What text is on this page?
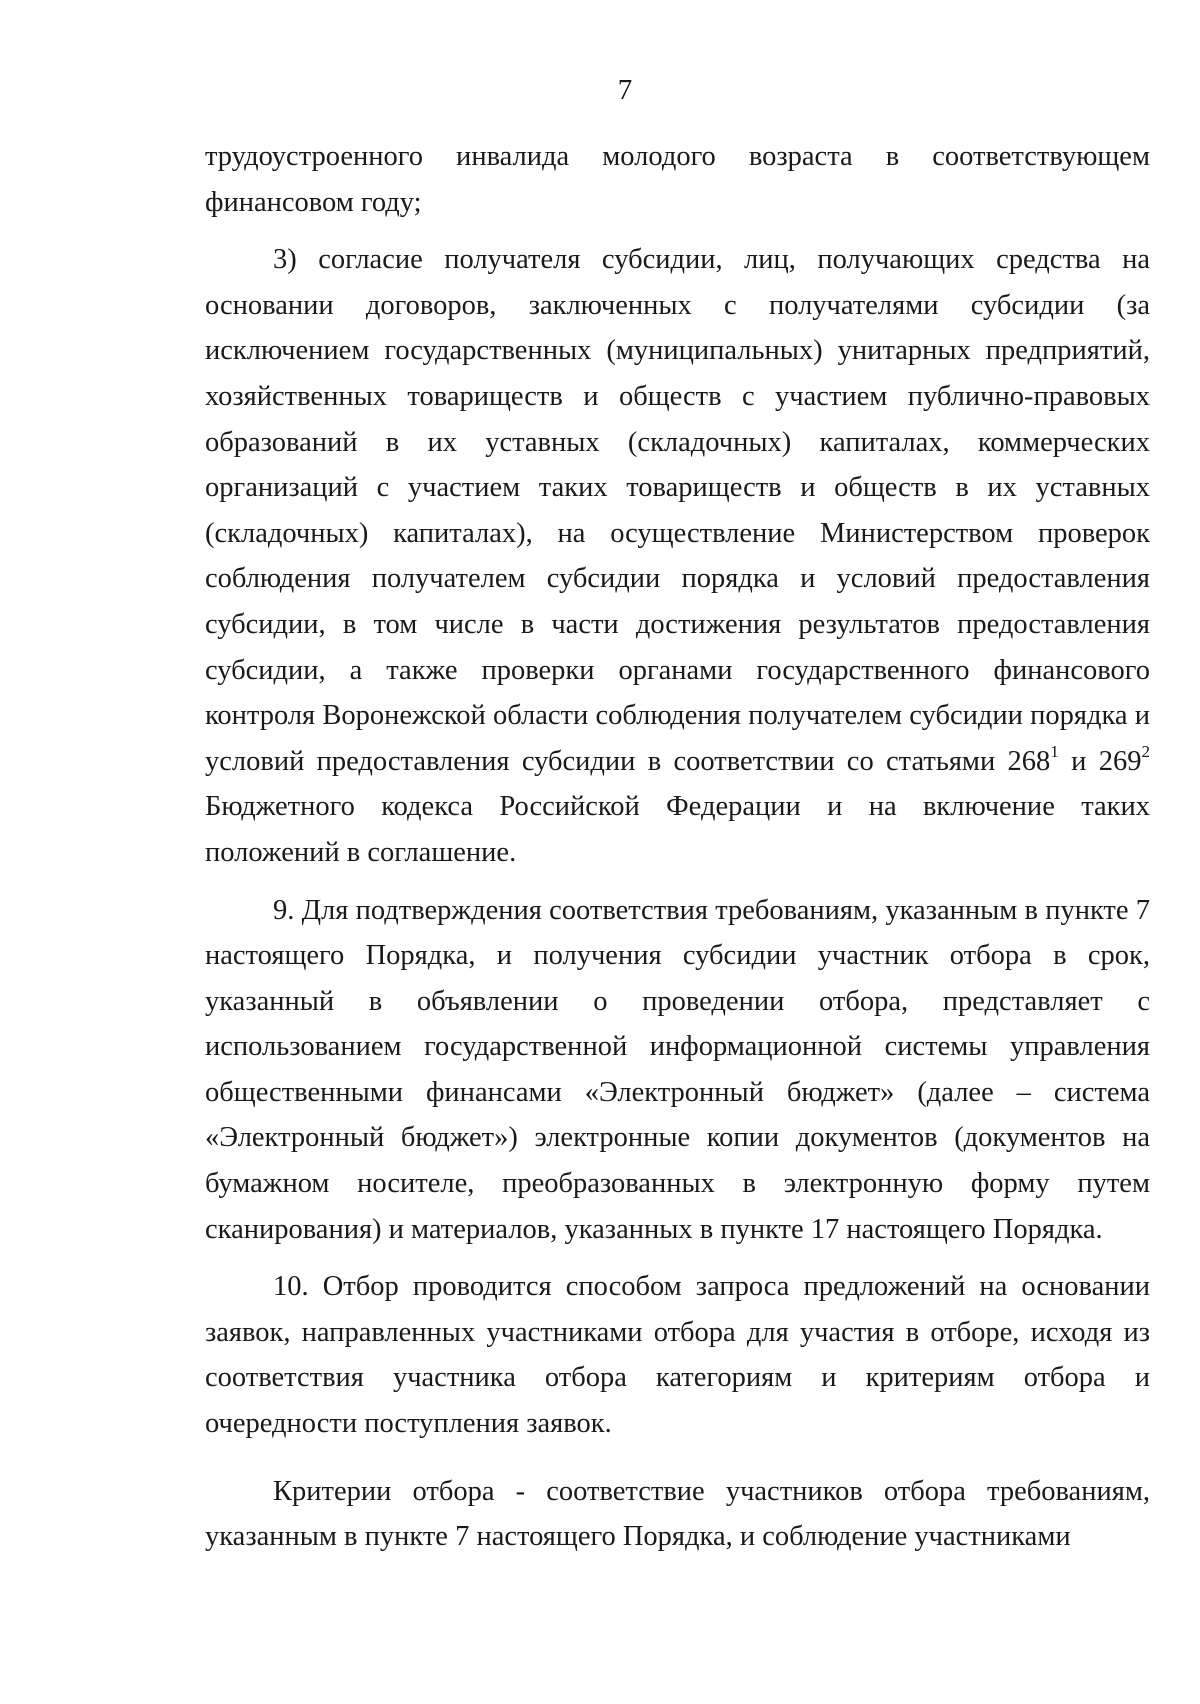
7

трудоустроенного инвалида молодого возраста в соответствующем финансовом году;

3) согласие получателя субсидии, лиц, получающих средства на основании договоров, заключенных с получателями субсидии (за исключением государственных (муниципальных) унитарных предприятий, хозяйственных товариществ и обществ с участием публично-правовых образований в их уставных (складочных) капиталах, коммерческих организаций с участием таких товариществ и обществ в их уставных (складочных) капиталах), на осуществление Министерством проверок соблюдения получателем субсидии порядка и условий предоставления субсидии, в том числе в части достижения результатов предоставления субсидии, а также проверки органами государственного финансового контроля Воронежской области соблюдения получателем субсидии порядка и условий предоставления субсидии в соответствии со статьями $268^1$ и $269^2$ Бюджетного кодекса Российской Федерации и на включение таких положений в соглашение.

9. Для подтверждения соответствия требованиям, указанным в пункте 7 настоящего Порядка, и получения субсидии участник отбора в срок, указанный в объявлении о проведении отбора, представляет с использованием государственной информационной системы управления общественными финансами «Электронный бюджет» (далее – система «Электронный бюджет») электронные копии документов (документов на бумажном носителе, преобразованных в электронную форму путем сканирования) и материалов, указанных в пункте 17 настоящего Порядка.

10. Отбор проводится способом запроса предложений на основании заявок, направленных участниками отбора для участия в отборе, исходя из соответствия участника отбора категориям и критериям отбора и очередности поступления заявок.

Критерии отбора - соответствие участников отбора требованиям, указанным в пункте 7 настоящего Порядка, и соблюдение участниками
